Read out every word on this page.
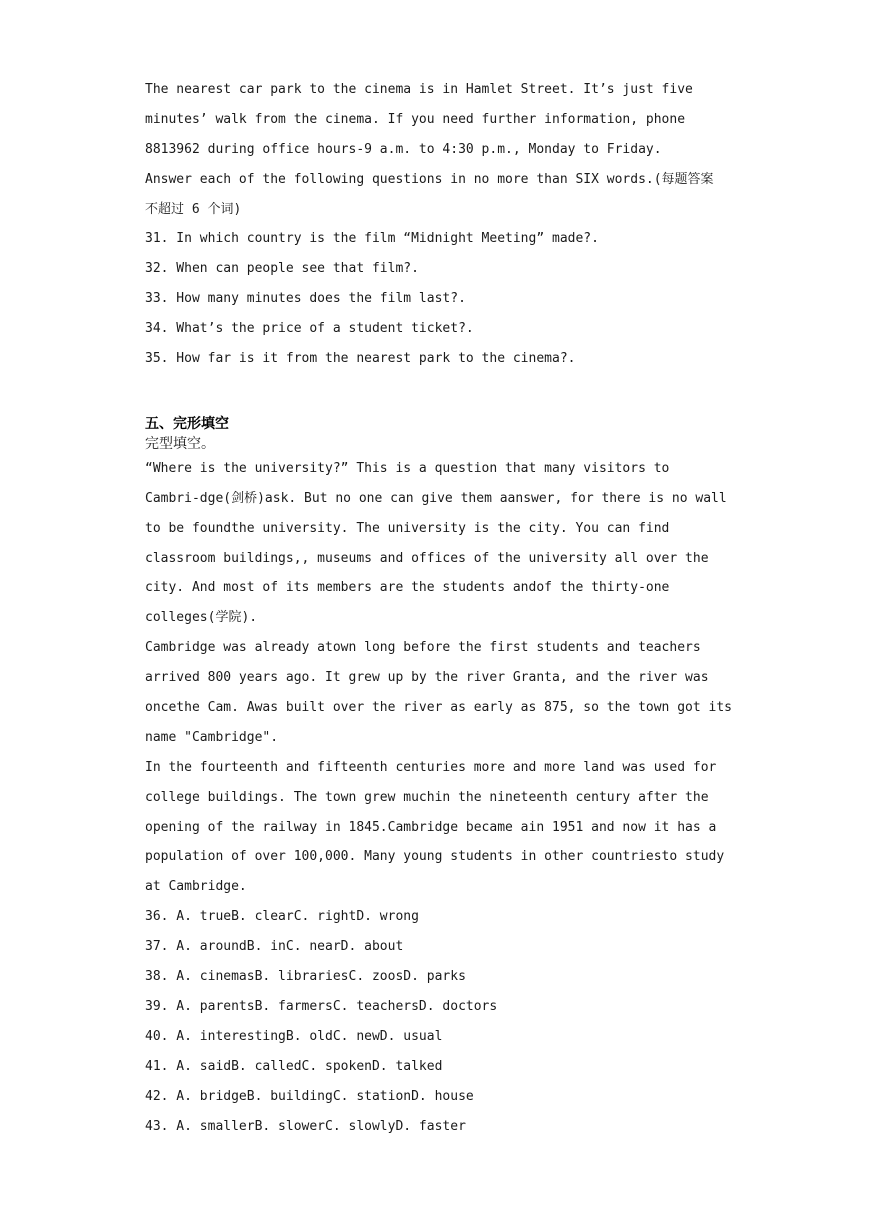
The nearest car park to the cinema is in Hamlet Street. It’s just five
minutes’ walk from the cinema. If you need further information, phone
8813962 during office hours-9 a.m. to 4:30 p.m., Monday to Friday.
Answer each of the following questions in no more than SIX words.(每题答案
不超过 6 个词)
31. In which country is the film “Midnight Meeting” made?.
32. When can people see that film?.
33. How many minutes does the film last?.
34. What’s the price of a student ticket?.
35. How far is it from the nearest park to the cinema?.
五、完形填空
完型填空。
“Where is the university?” This is a question that many visitors to
Cambri-dge(剑桥)ask. But no one can give them aanswer, for there is no wall
to be foundthe university. The university is the city. You can find
classroom buildings,, museums and offices of the university all over the
city. And most of its members are the students andof the thirty-one
colleges(学院).
Cambridge was already atown long before the first students and teachers
arrived 800 years ago. It grew up by the river Granta, and the river was
oncethe Cam. Awas built over the river as early as 875, so the town got its
name "Cambridge".
In the fourteenth and fifteenth centuries more and more land was used for
college buildings. The town grew muchin the nineteenth century after the
opening of the railway in 1845.Cambridge became ain 1951 and now it has a
population of over 100,000. Many young students in other countriesto study
at Cambridge.
36. A. trueB. clearC. rightD. wrong
37. A. aroundB. inC. nearD. about
38. A. cinemasB. librariesC. zoosD. parks
39. A. parentsB. farmersC. teachersD. doctors
40. A. interestingB. oldC. newD. usual
41. A. saidB. calledC. spokenD. talked
42. A. bridgeB. buildingC. stationD. house
43. A. smallerB. slowerC. slowlyD. faster
